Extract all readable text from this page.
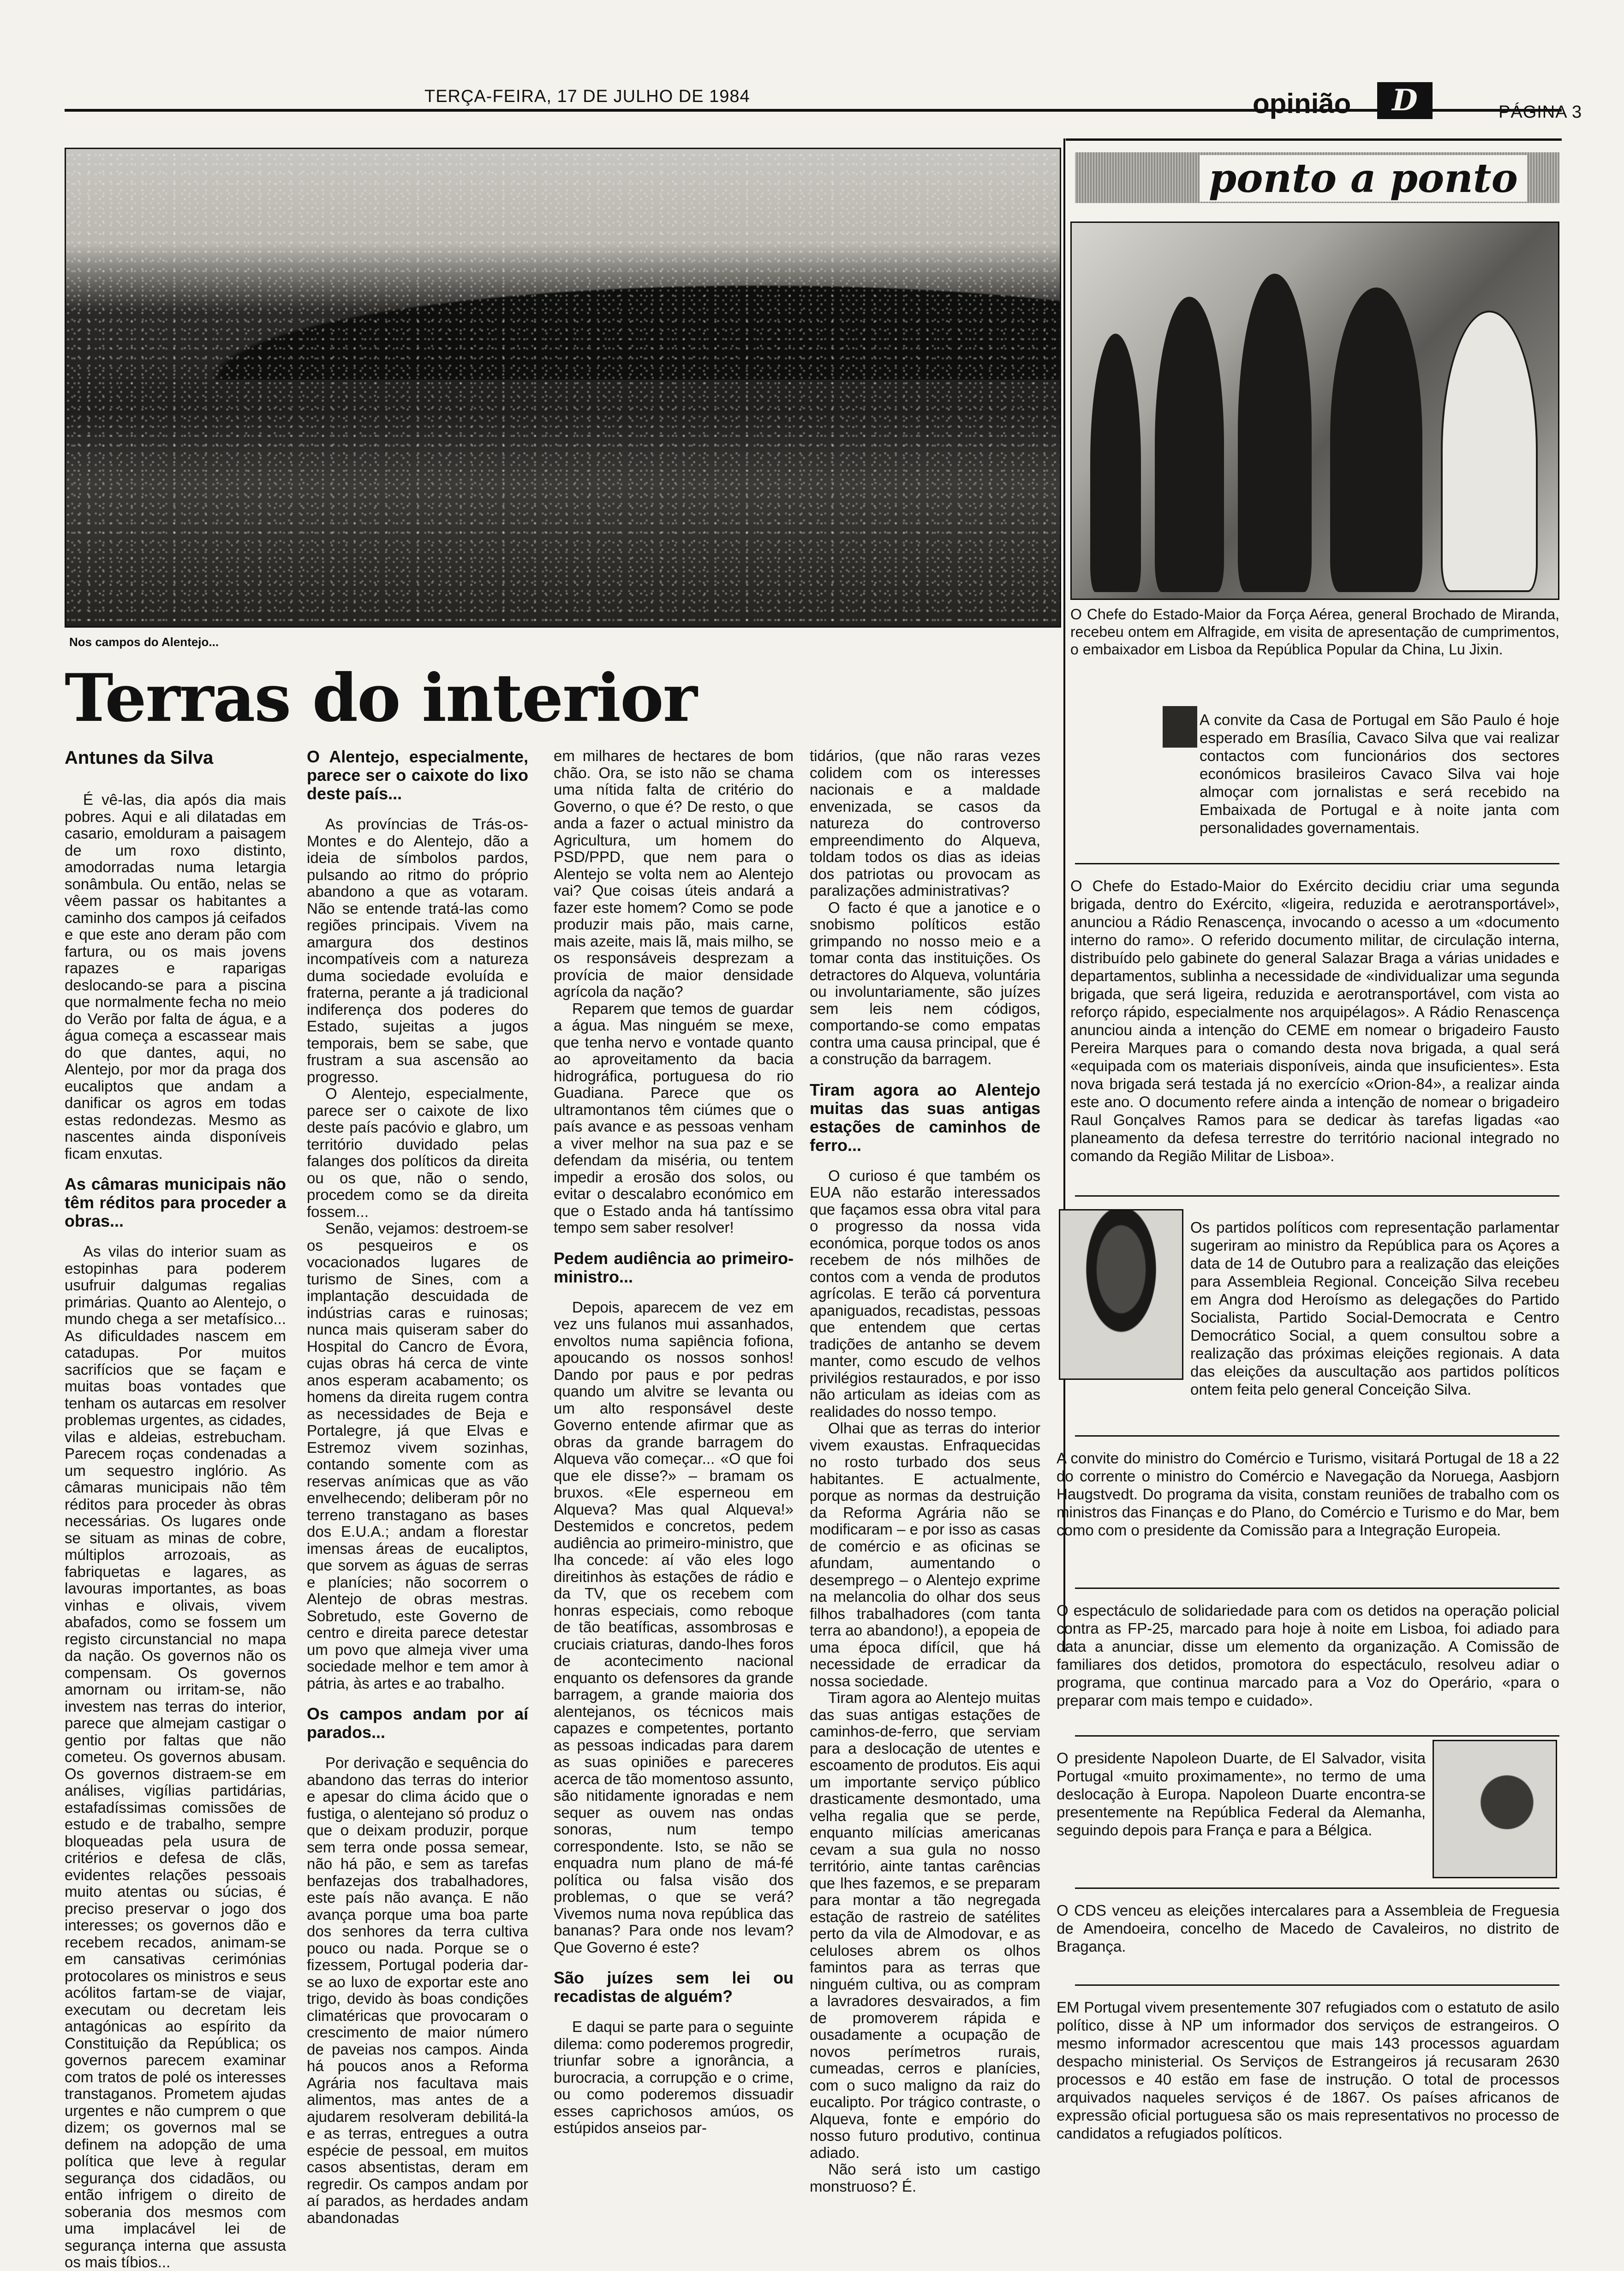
TERÇA-FEIRA, 17 DE JULHO DE 1984	opinião	D	PÁGINA 3
Nos campos do Alentejo...
Terras do interior
Antunes da Silva

É vê-las, dia após dia mais pobres. Aqui e ali dilatadas em casario, emolduram a paisagem de um roxo distinto, amodorradas numa letargia sonâmbula. Ou então, nelas se vêem passar os habitantes a caminho dos campos já ceifados e que este ano deram pão com fartura, ou os mais jovens rapazes e raparigas deslocando-se para a piscina que normalmente fecha no meio do Verão por falta de água, e a água começa a escassear mais do que dantes, aqui, no Alentejo, por mor da praga dos eucaliptos que andam a danificar os agros em todas estas redondezas. Mesmo as nascentes ainda disponíveis ficam enxutas.

As câmaras municipais não têm réditos para proceder a obras...

As vilas do interior suam as estopinhas para poderem usufruir dalgumas regalias primárias. Quanto ao Alentejo, o mundo chega a ser metafísico... As dificuldades nascem em catadupas. Por muitos sacrifícios que se façam e muitas boas vontades que tenham os autarcas em resolver problemas urgentes, as cidades, vilas e aldeias, estrebucham. Parecem roças condenadas a um sequestro inglório. As câmaras municipais não têm réditos para proceder às obras necessárias. Os lugares onde se situam as minas de cobre, múltiplos arrozoais, as fabriquetas e lagares, as lavouras importantes, as boas vinhas e olivais, vivem abafados, como se fossem um registo circunstancial no mapa da nação. Os governos não os compensam. Os governos amornam ou irritam-se, não investem nas terras do interior, parece que almejam castigar o gentio por faltas que não cometeu. Os governos abusam. Os governos distraem-se em análises, vigílias partidárias, estafadíssimas comissões de estudo e de trabalho, sempre bloqueadas pela usura de critérios e defesa de clãs, evidentes relações pessoais muito atentas ou súcias, é preciso preservar o jogo dos interesses; os governos dão e recebem recados, animam-se em cansativas cerimónias protocolares os ministros e seus acólitos fartam-se de viajar, executam ou decretam leis antagónicas ao espírito da Constituição da República; os governos parecem examinar com tratos de polé os interesses transtaganos. Prometem ajudas urgentes e não cumprem o que dizem; os governos mal se definem na adopção de uma política que leve à regular segurança dos cidadãos, ou então infrigem o direito de soberania dos mesmos com uma implacável lei de segurança interna que assusta os mais tíbios...

O Alentejo, especialmente, parece ser o caixote do lixo deste país...

As províncias de Trás-os-Montes e do Alentejo, dão a ideia de símbolos pardos, pulsando ao ritmo do próprio abandono a que as votaram. Não se entende tratá-las como regiões principais. Vivem na amargura dos destinos incompatíveis com a natureza duma sociedade evoluída e fraterna, perante a já tradicional indiferença dos poderes do Estado, sujeitas a jugos temporais, bem se sabe, que frustram a sua ascensão ao progresso.

O Alentejo, especialmente, parece ser o caixote de lixo deste país pacóvio e glabro, um território duvidado pelas falanges dos políticos da direita ou os que, não o sendo, procedem como se da direita fossem...

Senão, vejamos: destroem-se os pesqueiros e os vocacionados lugares de turismo de Sines, com a implantação descuidada de indústrias caras e ruinosas; nunca mais quiseram saber do Hospital do Cancro de Évora, cujas obras há cerca de vinte anos esperam acabamento; os homens da direita rugem contra as necessidades de Beja e Portalegre, já que Elvas e Estremoz vivem sozinhas, contando somente com as reservas anímicas que as vão envelhecendo; deliberam pôr no terreno transtagano as bases dos E.U.A.; andam a florestar imensas áreas de eucaliptos, que sorvem as águas de serras e planícies; não socorrem o Alentejo de obras mestras. Sobretudo, este Governo de centro e direita parece detestar um povo que almeja viver uma sociedade melhor e tem amor à pátria, às artes e ao trabalho.

Os campos andam por aí parados...

Por derivação e sequência do abandono das terras do interior e apesar do clima ácido que o fustiga, o alentejano só produz o que o deixam produzir, porque sem terra onde possa semear, não há pão, e sem as tarefas benfazejas dos trabalhadores, este país não avança. E não avança porque uma boa parte dos senhores da terra cultiva pouco ou nada. Porque se o fizessem, Portugal poderia dar-se ao luxo de exportar este ano trigo, devido às boas condições climatéricas que provocaram o crescimento de maior número de paveias nos campos. Ainda há poucos anos a Reforma Agrária nos facultava mais alimentos, mas antes de a ajudarem resolveram debilitá-la e as terras, entregues a outra espécie de pessoal, em muitos casos absentistas, deram em regredir. Os campos andam por aí parados, as herdades andam abandonadas

em milhares de hectares de bom chão. Ora, se isto não se chama uma nítida falta de critério do Governo, o que é? De resto, o que anda a fazer o actual ministro da Agricultura, um homem do PSD/PPD, que nem para o Alentejo se volta nem ao Alentejo vai? Que coisas úteis andará a fazer este homem? Como se pode produzir mais pão, mais carne, mais azeite, mais lã, mais milho, se os responsáveis desprezam a provícia de maior densidade agrícola da nação?

Reparem que temos de guardar a água. Mas ninguém se mexe, que tenha nervo e vontade quanto ao aproveitamento da bacia hidrográfica, portuguesa do rio Guadiana. Parece que os ultramontanos têm ciúmes que o país avance e as pessoas venham a viver melhor na sua paz e se defendam da miséria, ou tentem impedir a erosão dos solos, ou evitar o descalabro económico em que o Estado anda há tantíssimo tempo sem saber resolver!

Pedem audiência ao primeiro-ministro...

Depois, aparecem de vez em vez uns fulanos mui assanhados, envoltos numa sapiência fofiona, apoucando os nossos sonhos! Dando por paus e por pedras quando um alvitre se levanta ou um alto responsável deste Governo entende afirmar que as obras da grande barragem do Alqueva vão começar... «O que foi que ele disse?» – bramam os bruxos. «Ele esperneou em Alqueva? Mas qual Alqueva!» Destemidos e concretos, pedem audiência ao primeiro-ministro, que lha concede: aí vão eles logo direitinhos às estações de rádio e da TV, que os recebem com honras especiais, como reboque de tão beatíficas, assombrosas e cruciais criaturas, dando-lhes foros de acontecimento nacional enquanto os defensores da grande barragem, a grande maioria dos alentejanos, os técnicos mais capazes e competentes, portanto as pessoas indicadas para darem as suas opiniões e pareceres acerca de tão momentoso assunto, são nitidamente ignoradas e nem sequer as ouvem nas ondas sonoras, num tempo correspondente. Isto, se não se enquadra num plano de má-fé política ou falsa visão dos problemas, o que se verá? Vivemos numa nova república das bananas? Para onde nos levam? Que Governo é este?

São juízes sem lei ou recadistas de alguém?

E daqui se parte para o seguinte dilema: como poderemos progredir, triunfar sobre a ignorância, a burocracia, a corrupção e o crime, ou como poderemos dissuadir esses caprichosos amúos, os estúpidos anseios par-

tidários, (que não raras vezes colidem com os interesses nacionais e a maldade envenizada, se casos da natureza do controverso empreendimento do Alqueva, toldam todos os dias as ideias dos patriotas ou provocam as paralizações administrativas?

O facto é que a janotice e o snobismo políticos estão grimpando no nosso meio e a tomar conta das instituições. Os detractores do Alqueva, voluntária ou involuntariamente, são juízes sem leis nem códigos, comportando-se como empatas contra uma causa principal, que é a construção da barragem.

Tiram agora ao Alentejo muitas das suas antigas estações de caminhos de ferro...

O curioso é que também os EUA não estarão interessados que façamos essa obra vital para o progresso da nossa vida económica, porque todos os anos recebem de nós milhões de contos com a venda de produtos agrícolas. E terão cá porventura apaniguados, recadistas, pessoas que entendem que certas tradições de antanho se devem manter, como escudo de velhos privilégios restaurados, e por isso não articulam as ideias com as realidades do nosso tempo.

Olhai que as terras do interior vivem exaustas. Enfraquecidas no rosto turbado dos seus habitantes. E actualmente, porque as normas da destruição da Reforma Agrária não se modificaram – e por isso as casas de comércio e as oficinas se afundam, aumentando o desemprego – o Alentejo exprime na melancolia do olhar dos seus filhos trabalhadores (com tanta terra ao abandono!), a epopeia de uma época difícil, que há necessidade de erradicar da nossa sociedade.

Tiram agora ao Alentejo muitas das suas antigas estações de caminhos-de-ferro, que serviam para a deslocação de utentes e escoamento de produtos. Eis aqui um importante serviço público drasticamente desmontado, uma velha regalia que se perde, enquanto milícias americanas cevam a sua gula no nosso território, ainte tantas carências que lhes fazemos, e se preparam para montar a tão negregada estação de rastreio de satélites perto da vila de Almodovar, e as celuloses abrem os olhos famintos para as terras que ninguém cultiva, ou as compram a lavradores desvairados, a fim de promoverem rápida e ousadamente a ocupação de novos perímetros rurais, cumeadas, cerros e planícies, com o suco maligno da raiz do eucalipto. Por trágico contraste, o Alqueva, fonte e empório do nosso futuro produtivo, continua adiado.

Não será isto um castigo monstruoso? É.

ponto a ponto
O Chefe do Estado-Maior da Força Aérea, general Brochado de Miranda, recebeu ontem em Alfragide, em visita de apresentação de cumprimentos, o embaixador em Lisboa da República Popular da China, Lu Jixin.
A convite da Casa de Portugal em São Paulo é hoje esperado em Brasília, Cavaco Silva que vai realizar contactos com funcionários dos sectores económicos brasileiros Cavaco Silva vai hoje almoçar com jornalistas e será recebido na Embaixada de Portugal e à noite janta com personalidades governamentais.
O Chefe do Estado-Maior do Exército decidiu criar uma segunda brigada, dentro do Exército, «ligeira, reduzida e aerotransportável», anunciou a Rádio Renascença, invocando o acesso a um «documento interno do ramo». O referido documento militar, de circulação interna, distribuído pelo gabinete do general Salazar Braga a várias unidades e departamentos, sublinha a necessidade de «individualizar uma segunda brigada, que será ligeira, reduzida e aerotransportável, com vista ao reforço rápido, especialmente nos arquipélagos». A Rádio Renascença anunciou ainda a intenção do CEME em nomear o brigadeiro Fausto Pereira Marques para o comando desta nova brigada, a qual será «equipada com os materiais disponíveis, ainda que insuficientes». Esta nova brigada será testada já no exercício «Orion-84», a realizar ainda este ano. O documento refere ainda a intenção de nomear o brigadeiro Raul Gonçalves Ramos para se dedicar às tarefas ligadas «ao planeamento da defesa terrestre do território nacional integrado no comando da Região Militar de Lisboa».
Os partidos políticos com representação parlamentar sugeriram ao ministro da República para os Açores a data de 14 de Outubro para a realização das eleições para Assembleia Regional. Conceição Silva recebeu em Angra dod Heroísmo as delegações do Partido Socialista, Partido Social-Democrata e Centro Democrático Social, a quem consultou sobre a realização das próximas eleições regionais. A data das eleições da auscultação aos partidos políticos ontem feita pelo general Conceição Silva.
A convite do ministro do Comércio e Turismo, visitará Portugal de 18 a 22 do corrente o ministro do Comércio e Navegação da Noruega, Aasbjorn Haugstvedt. Do programa da visita, constam reuniões de trabalho com os ministros das Finanças e do Plano, do Comércio e Turismo e do Mar, bem como com o presidente da Comissão para a Integração Europeia.
O espectáculo de solidariedade para com os detidos na operação policial contra as FP-25, marcado para hoje à noite em Lisboa, foi adiado para data a anunciar, disse um elemento da organização. A Comissão de familiares dos detidos, promotora do espectáculo, resolveu adiar o programa, que continua marcado para a Voz do Operário, «para o preparar com mais tempo e cuidado».
O presidente Napoleon Duarte, de El Salvador, visita Portugal «muito proximamente», no termo de uma deslocação à Europa. Napoleon Duarte encontra-se presentemente na República Federal da Alemanha, seguindo depois para França e para a Bélgica.
O CDS venceu as eleições intercalares para a Assembleia de Freguesia de Amendoeira, concelho de Macedo de Cavaleiros, no distrito de Bragança.
EM Portugal vivem presentemente 307 refugiados com o estatuto de asilo político, disse à NP um informador dos serviços de estrangeiros. O mesmo informador acrescentou que mais 143 processos aguardam despacho ministerial. Os Serviços de Estrangeiros já recusaram 2630 processos e 40 estão em fase de instrução. O total de processos arquivados naqueles serviços é de 1867. Os países africanos de expressão oficial portuguesa são os mais representativos no processo de candidatos a refugiados políticos.
